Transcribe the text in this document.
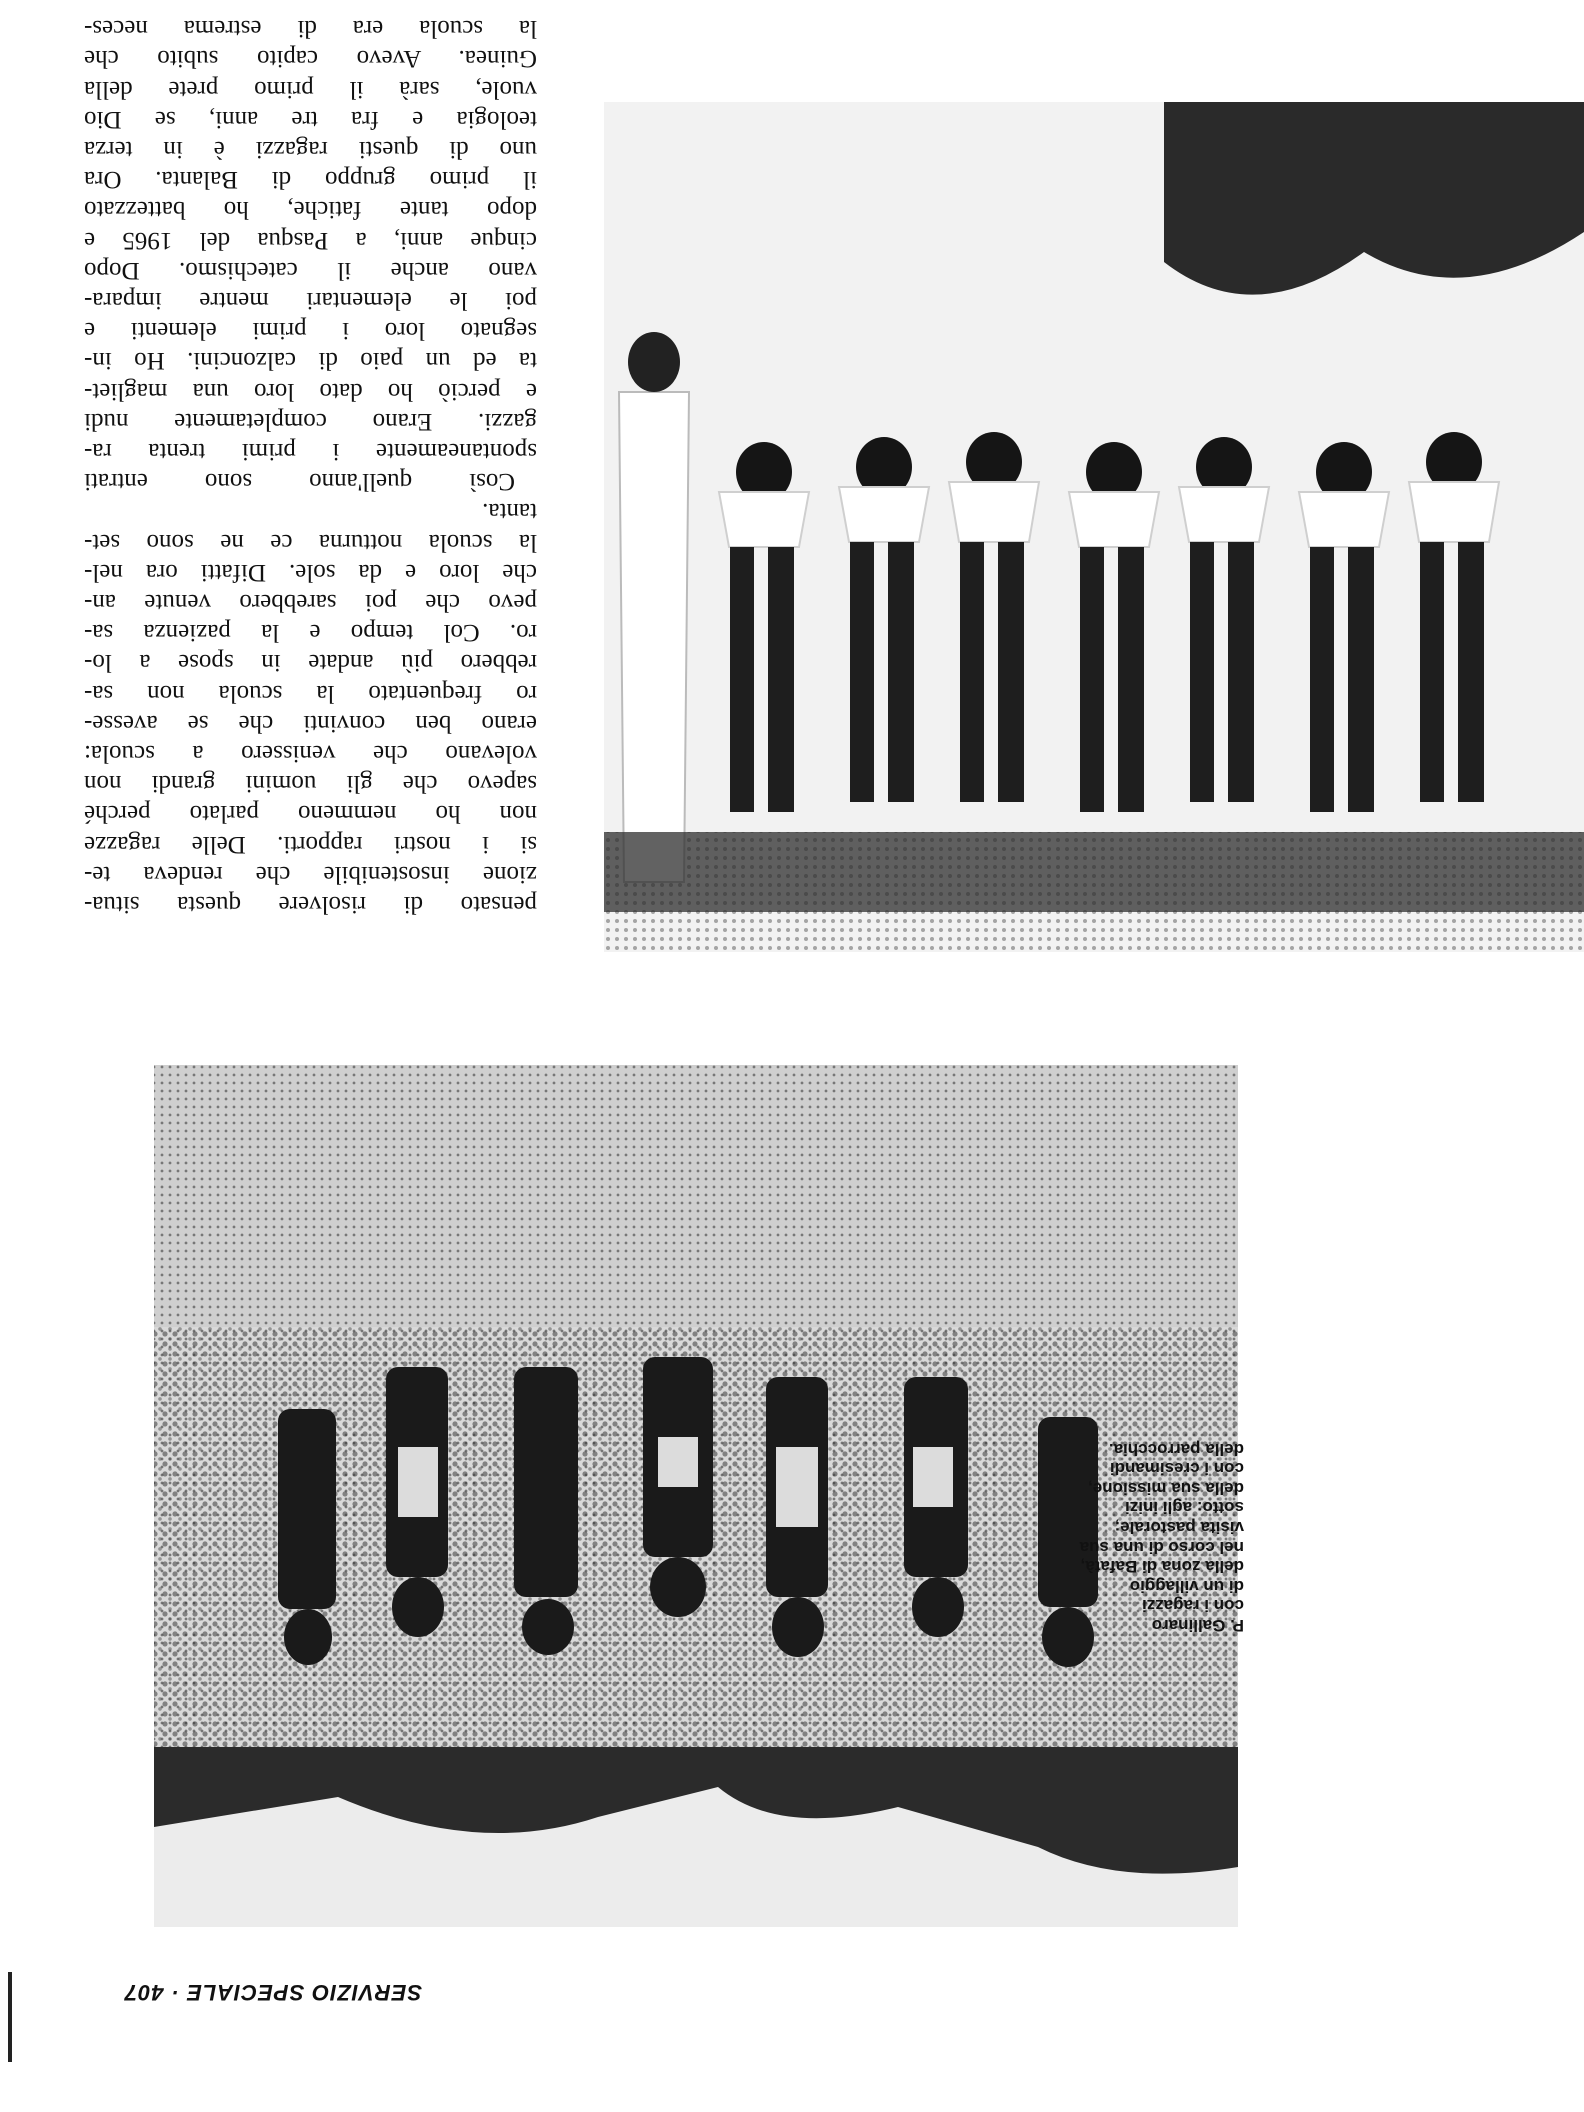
pensato di risolvere questa situa-
zione insostenibile che rendeva te-
si i nostri rapporti. Delle ragazze
non ho nemmeno parlato perché
sapevo che gli uomini grandi non
volevano che venissero a scuola:
erano ben convinti che se avesse-
ro frequentato la scuola non sa-
rebbero più andate in spose a lo-
ro. Col tempo e la pazienza sa-
pevo che poi sarebbero venute an-
che loro e da sole. Difatti ora nel-
la scuola notturna ce ne sono set-
tanta.

Così quell'anno sono entrati
spontaneamente i primi trenta ra-
gazzi. Erano completamente nudi
e perciò ho dato loro una magliet-
ta ed un paio di calzoncini. Ho in-
segnato loro i primi elementi e
poi le elementari mentre impara-
vano anche il catechismo. Dopo
cinque anni, a Pasqua del 1965 e
dopo tante fatiche, ho battezzato
il primo gruppo di Balanta. Ora
uno di questi ragazzi è in terza
teologia e fra tre anni, se Dio
vuole, sarà il primo prete della
Guinea. Avevo capito subito che
la scuola era di estrema neces-

P. Gallinaro
con i ragazzi
di un villaggio
della zona di Bafatà,
nel corso di una sua
visita pastorale;
sotto: agli inizi
della sua missione,
con i cresimandi
della parrocchia.
SERVIZIO SPECIALE · 407
